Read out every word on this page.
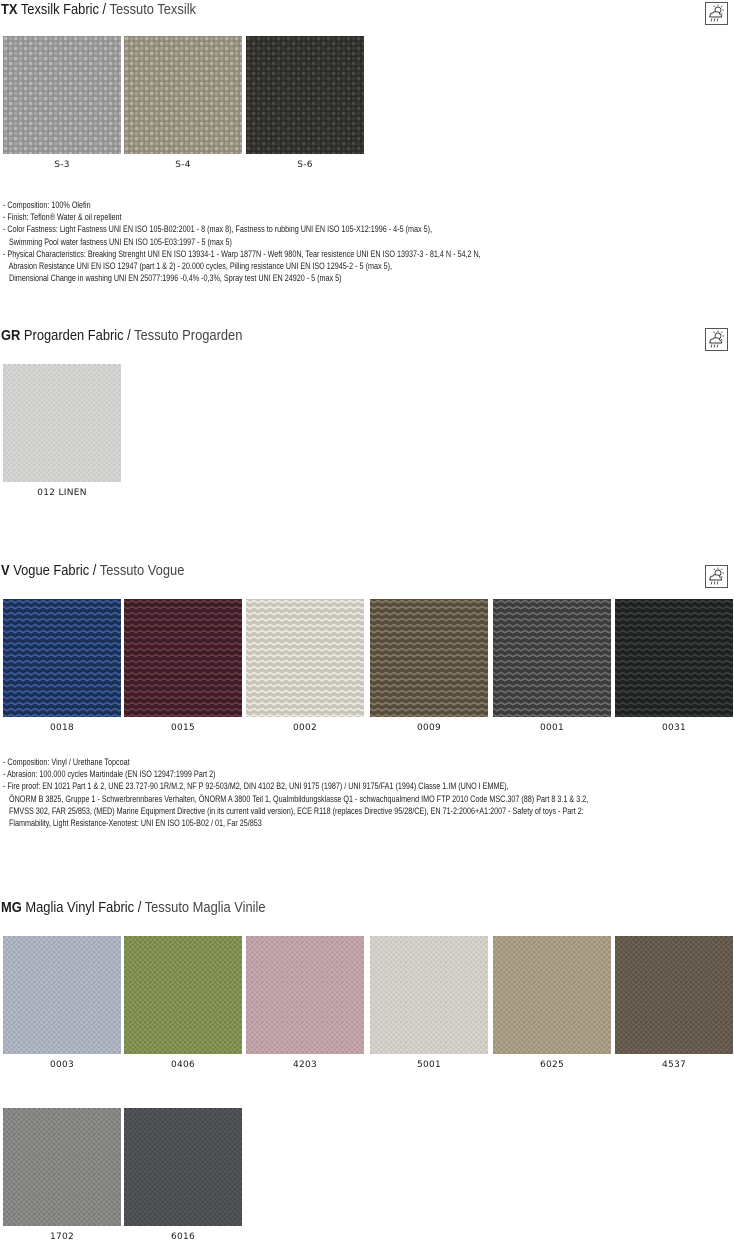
TX Texsilk Fabric / Tessuto Texsilk
S-3	S-4	S-6
- Composition: 100% Olefin
- Finish: Teflon® Water & oil repellent
- Color Fastness: Light Fastness UNI EN ISO 105-B02:2001 - 8 (max 8), Fastness to rubbing UNI EN ISO 105-X12:1996 - 4-5 (max 5),
Swimming Pool water fastness UNI EN ISO 105-E03:1997 - 5 (max 5)
- Physical Characteristics: Breaking Strenght UNI EN ISO 13934-1 - Warp 1877N - Weft 980N, Tear resistence UNI EN ISO 13937-3 - 81,4 N - 54,2 N,
Abrasion Resistance UNI EN ISO 12947 (part 1 & 2) - 20.000 cycles, Pilling resistance UNI EN ISO 12945-2 - 5 (max 5),
Dimensional Change in washing UNI EN 25077:1996 -0,4% -0,3%, Spray test UNI EN 24920 - 5 (max 5)
GR Progarden Fabric / Tessuto Progarden
012 LINEN
V Vogue Fabric / Tessuto Vogue
0018	0015	0002	0009	0001	0031
- Composition: Vinyl / Urethane Topcoat
- Abrasion: 100.000 cycles Martindale (EN ISO 12947:1999 Part 2)
- Fire proof: EN 1021 Part 1 & 2, UNE 23.727-90 1R/M.2, NF P 92-503/M2, DIN 4102 B2, UNI 9175 (1987) / UNI 9175/FA1 (1994) Classe 1.IM (UNO I EMME),
ÖNORM B 3825, Gruppe 1 - Schwerbrennbares Verhalten, ÖNORM A 3800 Teil 1, Qualmbildungsklasse Q1 - schwachqualmend IMO FTP 2010 Code MSC.307 (88) Part 8 3.1 & 3.2,
FMVSS 302, FAR 25/853, (MED) Marine Equipment Directive (in its current valid version), ECE R118 (replaces Directive 95/28/CE), EN 71-2:2006+A1:2007 - Safety of toys - Part 2:
Flammability, Light Resistance-Xenotest: UNI EN ISO 105-B02 / 01, Far 25/853
MG Maglia Vinyl Fabric / Tessuto Maglia Vinile
0003	0406	4203	5001	6025	4537
1702	6016
